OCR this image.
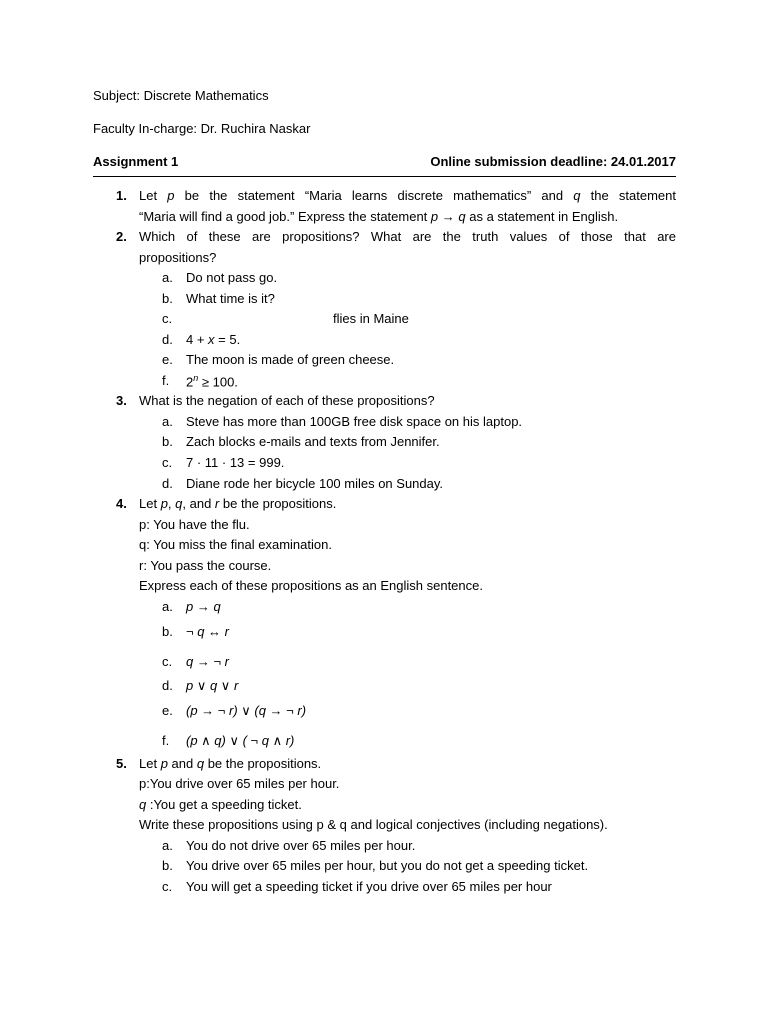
Subject: Discrete Mathematics
Faculty In-charge: Dr. Ruchira Naskar
Assignment 1	Online submission deadline: 24.01.2017
1. Let p be the statement “Maria learns discrete mathematics” and q the statement
“Maria will find a good job.” Express the statement p → q as a statement in English.
2. Which of these are propositions? What are the truth values of those that are
propositions?
a. Do not pass go.
b. What time is it?
c.	flies in Maine
d. 4 + x = 5.
e. The moon is made of green cheese.
f. $2^n \ge 100$.
3. What is the negation of each of these propositions?
a. Steve has more than 100GB free disk space on his laptop.
b. Zach blocks e-mails and texts from Jennifer.
c. 7 · 11 · 13 = 999.
d. Diane rode her bicycle 100 miles on Sunday.
4. Let p, q, and r be the propositions.
p: You have the flu.
q: You miss the final examination.
r: You pass the course.
Express each of these propositions as an English sentence.
a. p → q
b. ¬ q ↔ r
c. q → ¬ r
d. p ∨ q ∨ r
e. (p → ¬ r) ∨ (q → ¬ r)
f. (p ∧ q) ∨ ( ¬ q ∧ r)
5. Let p and q be the propositions.
p:You drive over 65 miles per hour.
q :You get a speeding ticket.
Write these propositions using p & q and logical conjectives (including negations).
a. You do not drive over 65 miles per hour.
b. You drive over 65 miles per hour, but you do not get a speeding ticket.
c. You will get a speeding ticket if you drive over 65 miles per hour
